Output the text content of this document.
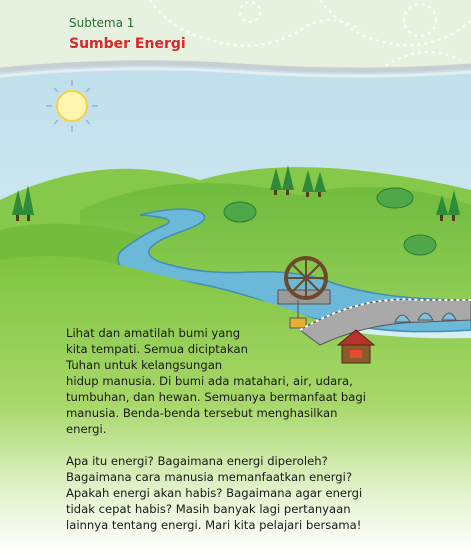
Subtema 1
Sumber Energi

Lihat dan amatilah bumi yang
kita tempati. Semua diciptakan
Tuhan untuk kelangsungan
hidup manusia. Di bumi ada matahari, air, udara,
tumbuhan, dan hewan. Semuanya bermanfaat bagi
manusia. Benda-benda tersebut menghasilkan
energi.

Apa itu energi? Bagaimana energi diperoleh?
Bagaimana cara manusia memanfaatkan energi?
Apakah energi akan habis? Bagaimana agar energi
tidak cepat habis? Masih banyak lagi pertanyaan
lainnya tentang energi. Mari kita pelajari bersama!
